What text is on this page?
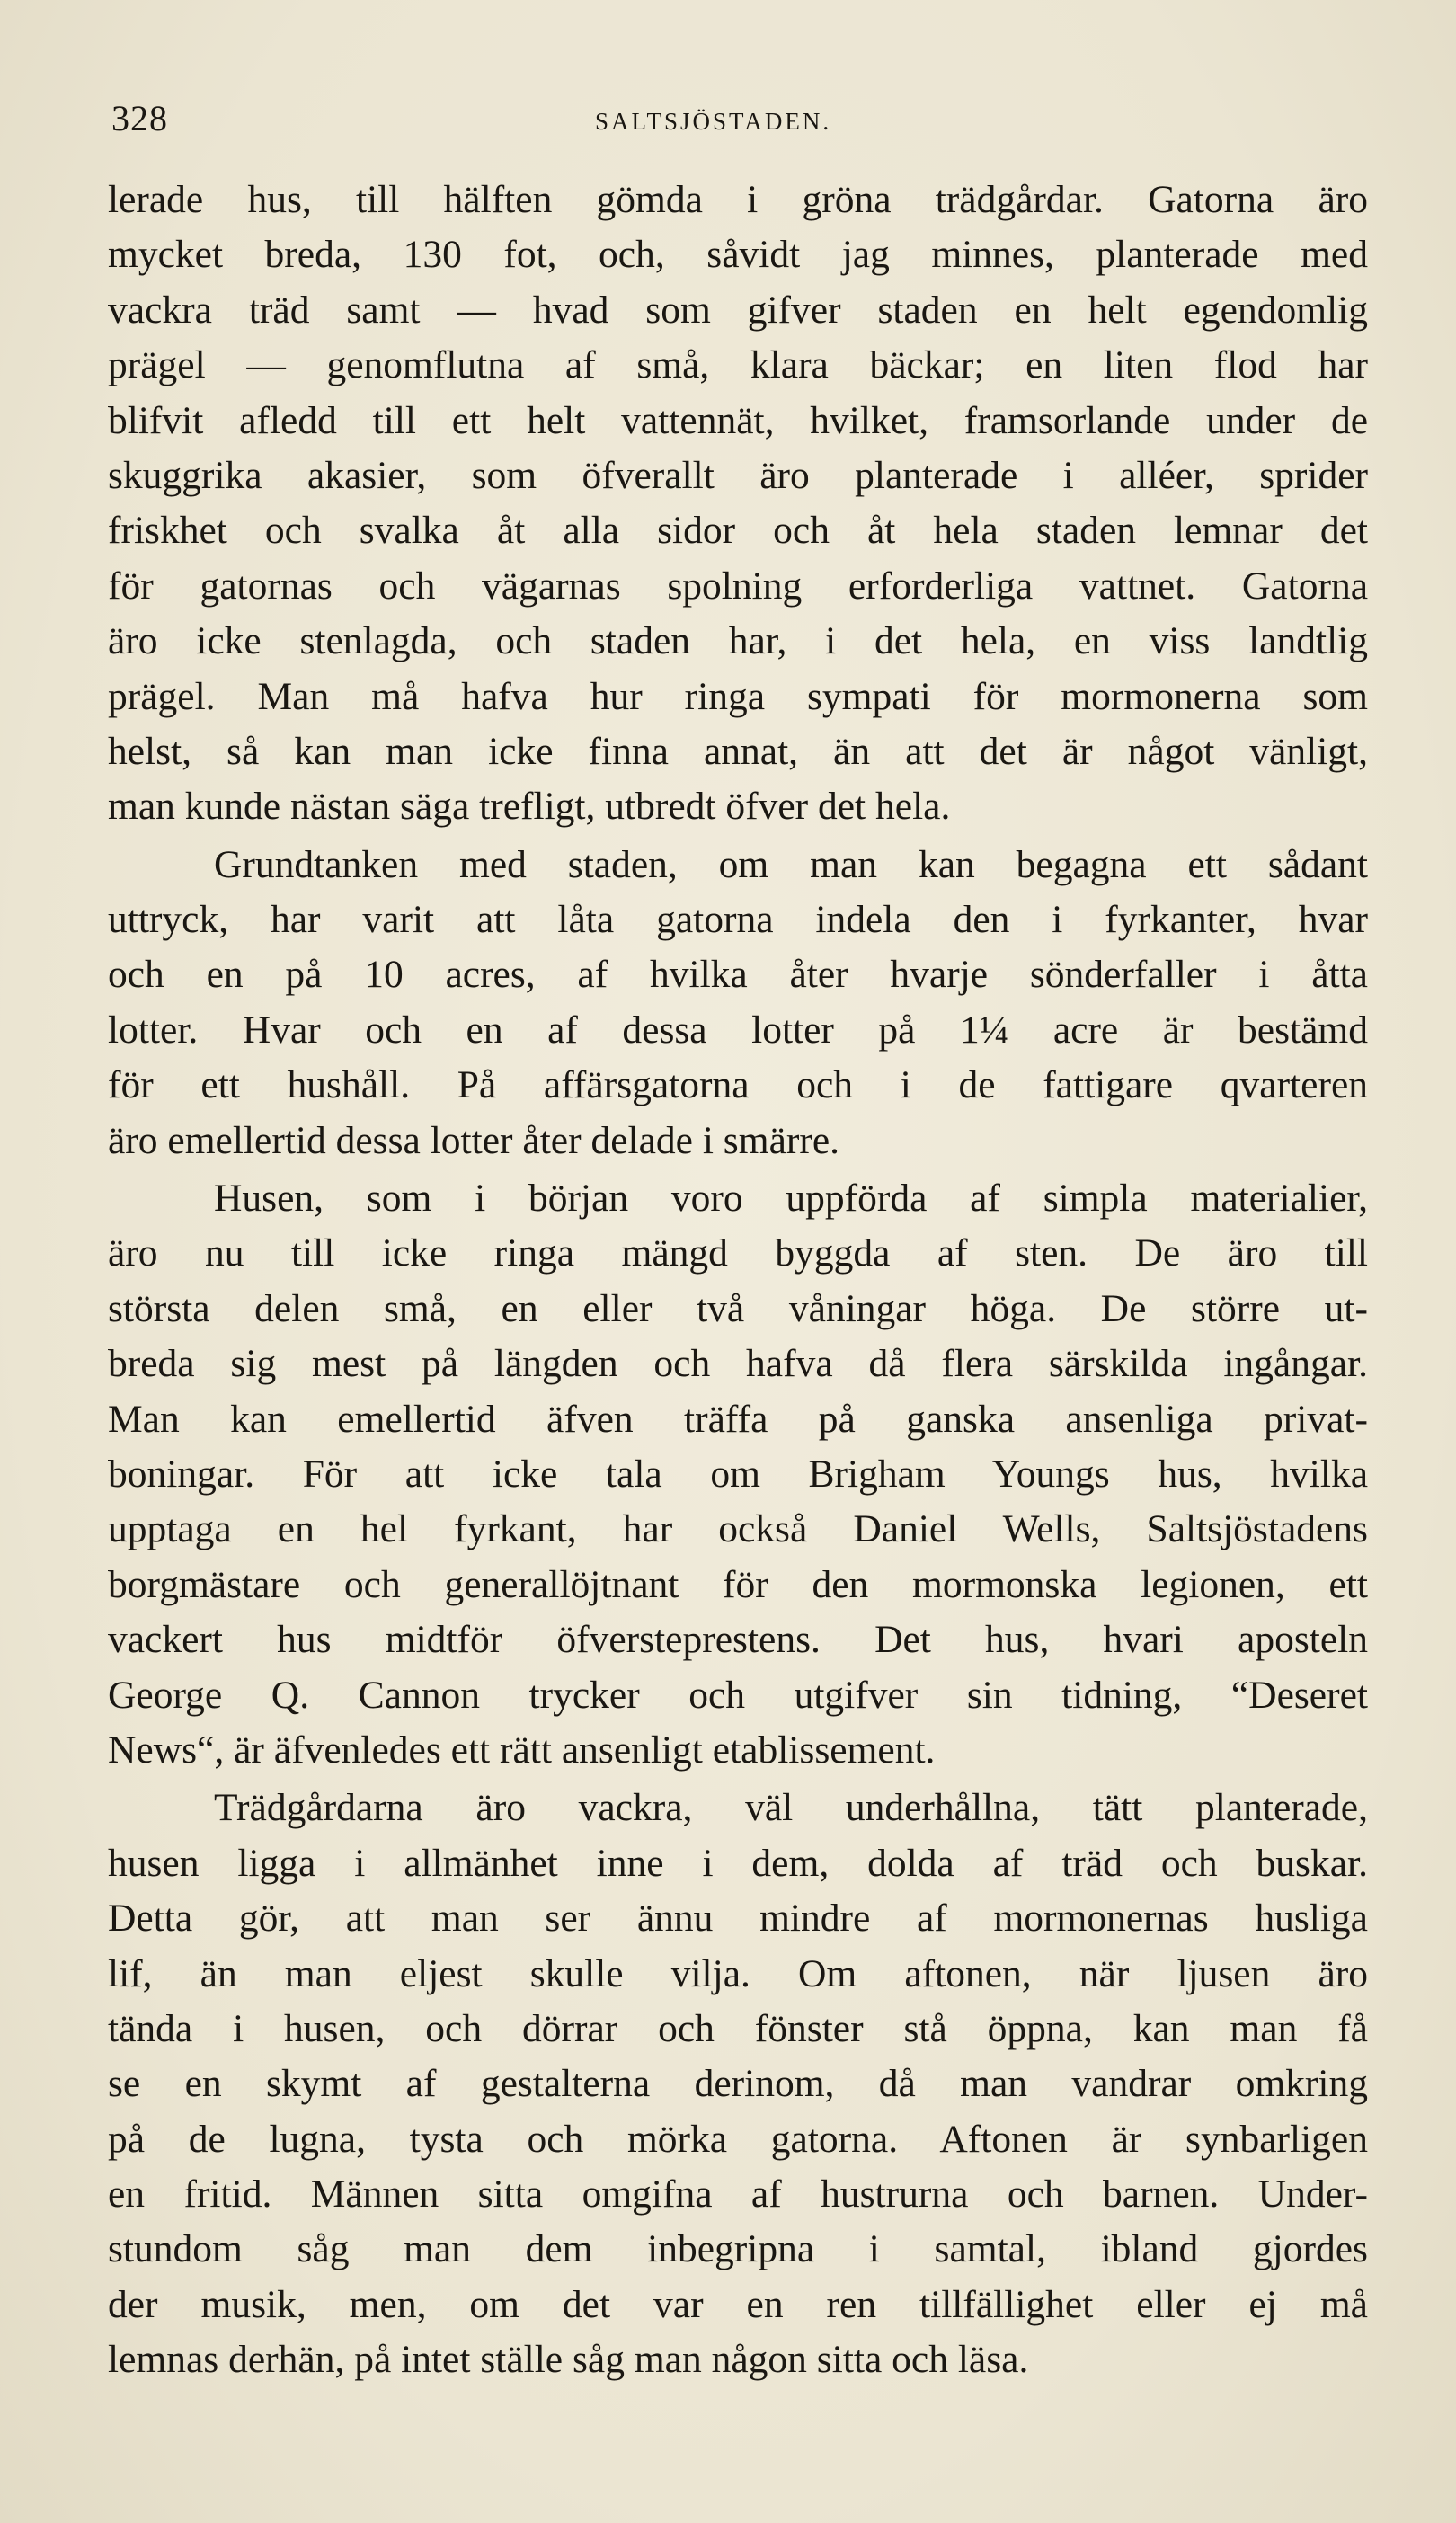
328	SALTSJÖSTADEN.
lerade hus, till hälften gömda i gröna trädgårdar. Gatorna äro
mycket breda, 130 fot, och, såvidt jag minnes, planterade med
vackra träd samt — hvad som gifver staden en helt egendomlig
prägel — genomflutna af små, klara bäckar; en liten flod har
blifvit afledd till ett helt vattennät, hvilket, framsorlande under de
skuggrika akasier, som öfverallt äro planterade i alléer, sprider
friskhet och svalka åt alla sidor och åt hela staden lemnar det
för gatornas och vägarnas spolning erforderliga vattnet. Gatorna
äro icke stenlagda, och staden har, i det hela, en viss landtlig
prägel. Man må hafva hur ringa sympati för mormonerna som
helst, så kan man icke finna annat, än att det är något vänligt,
man kunde nästan säga trefligt, utbredt öfver det hela.
Grundtanken med staden, om man kan begagna ett sådant
uttryck, har varit att låta gatorna indela den i fyrkanter, hvar
och en på 10 acres, af hvilka åter hvarje sönderfaller i åtta
lotter. Hvar och en af dessa lotter på 1¼ acre är bestämd
för ett hushåll. På affärsgatorna och i de fattigare qvarteren
äro emellertid dessa lotter åter delade i smärre.
Husen, som i början voro uppförda af simpla materialier,
äro nu till icke ringa mängd byggda af sten. De äro till
största delen små, en eller två våningar höga. De större ut-
breda sig mest på längden och hafva då flera särskilda ingångar.
Man kan emellertid äfven träffa på ganska ansenliga privat-
boningar. För att icke tala om Brigham Youngs hus, hvilka
upptaga en hel fyrkant, har också Daniel Wells, Saltsjöstadens
borgmästare och generallöjtnant för den mormonska legionen, ett
vackert hus midtför öfversteprestens. Det hus, hvari aposteln
George Q. Cannon trycker och utgifver sin tidning, “Deseret
News“, är äfvenledes ett rätt ansenligt etablissement.
Trädgårdarna äro vackra, väl underhållna, tätt planterade,
husen ligga i allmänhet inne i dem, dolda af träd och buskar.
Detta gör, att man ser ännu mindre af mormonernas husliga
lif, än man eljest skulle vilja. Om aftonen, när ljusen äro
tända i husen, och dörrar och fönster stå öppna, kan man få
se en skymt af gestalterna derinom, då man vandrar omkring
på de lugna, tysta och mörka gatorna. Aftonen är synbarligen
en fritid. Männen sitta omgifna af hustrurna och barnen. Under-
stundom såg man dem inbegripna i samtal, ibland gjordes
der musik, men, om det var en ren tillfällighet eller ej må
lemnas derhän, på intet ställe såg man någon sitta och läsa.
